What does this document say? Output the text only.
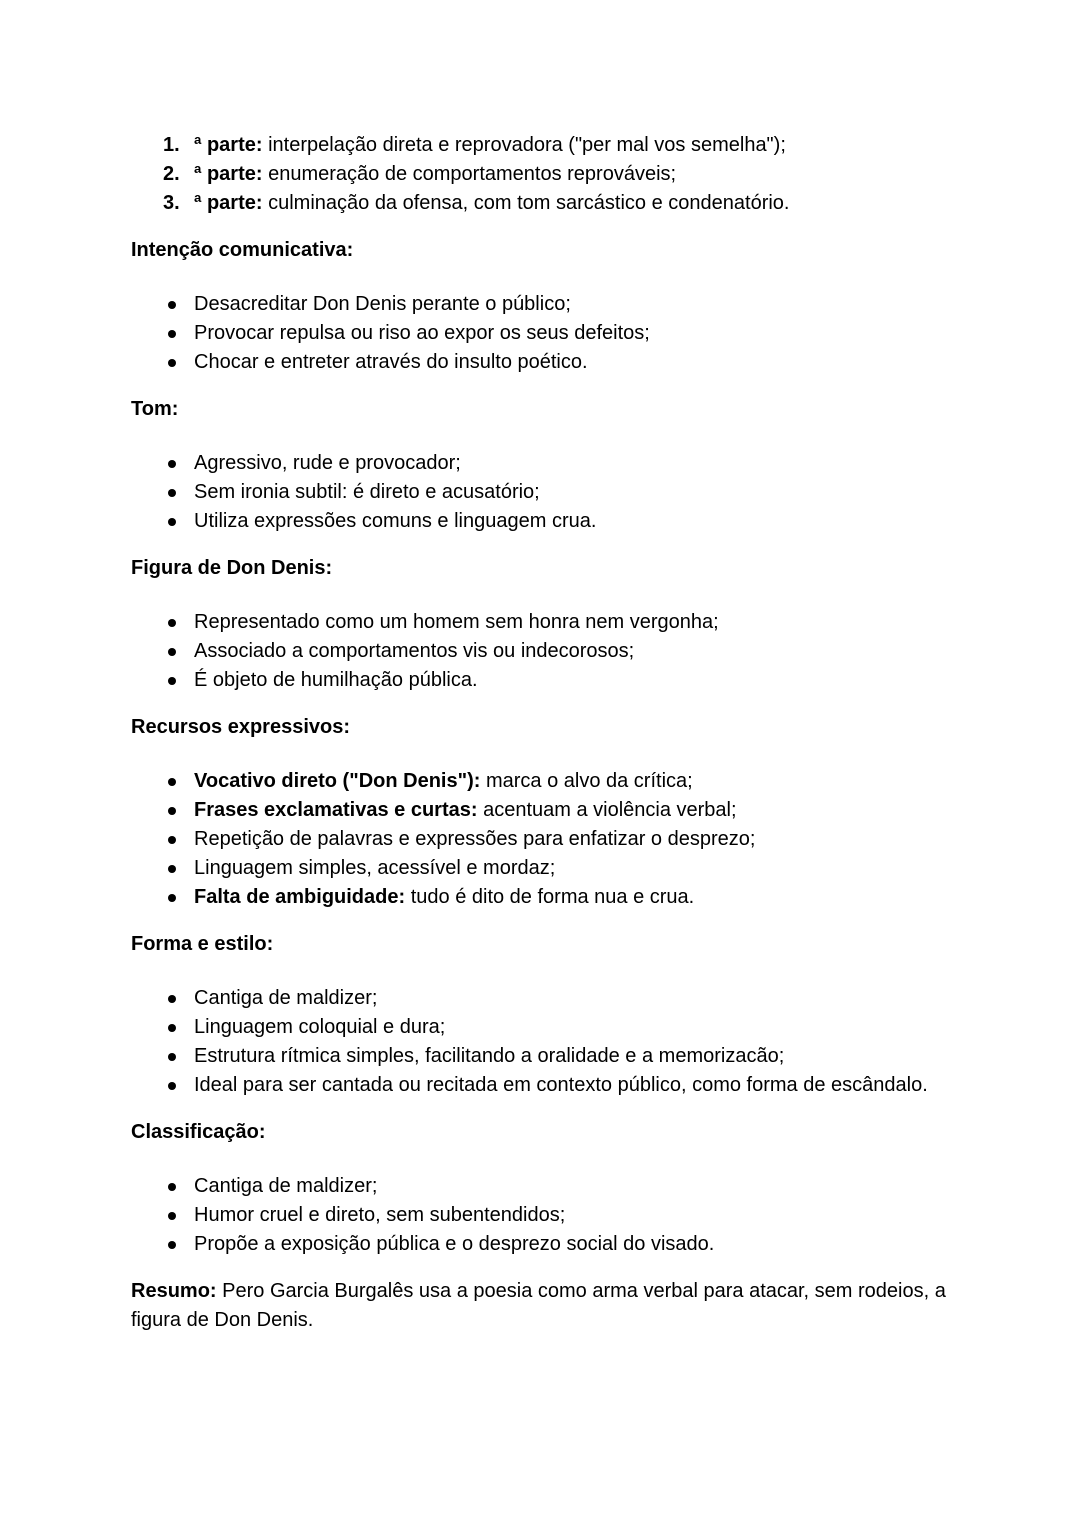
1. ª parte: interpelação direta e reprovadora ("per mal vos semelha");
2. ª parte: enumeração de comportamentos reprováveis;
3. ª parte: culminação da ofensa, com tom sarcástico e condenatório.
Intenção comunicativa:
Desacreditar Don Denis perante o público;
Provocar repulsa ou riso ao expor os seus defeitos;
Chocar e entreter através do insulto poético.
Tom:
Agressivo, rude e provocador;
Sem ironia subtil: é direto e acusatório;
Utiliza expressões comuns e linguagem crua.
Figura de Don Denis:
Representado como um homem sem honra nem vergonha;
Associado a comportamentos vis ou indecorosos;
É objeto de humilhação pública.
Recursos expressivos:
Vocativo direto ("Don Denis"): marca o alvo da crítica;
Frases exclamativas e curtas: acentuam a violência verbal;
Repetição de palavras e expressões para enfatizar o desprezo;
Linguagem simples, acessível e mordaz;
Falta de ambiguidade: tudo é dito de forma nua e crua.
Forma e estilo:
Cantiga de maldizer;
Linguagem coloquial e dura;
Estrutura rítmica simples, facilitando a oralidade e a memorizacão;
Ideal para ser cantada ou recitada em contexto público, como forma de escândalo.
Classificação:
Cantiga de maldizer;
Humor cruel e direto, sem subentendidos;
Propõe a exposição pública e o desprezo social do visado.

Resumo: Pero Garcia Burgalês usa a poesia como arma verbal para atacar, sem rodeios, a figura de Don Denis.
